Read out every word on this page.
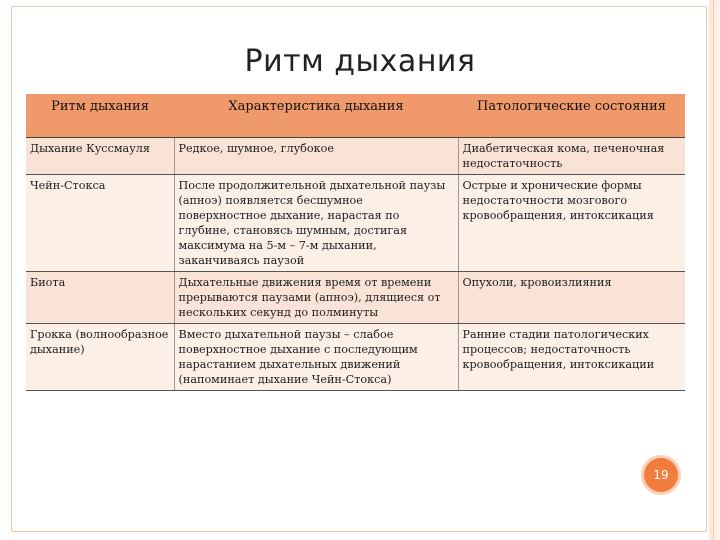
Ритм дыхания
Ритм дыхания	Характеристика дыхания	Патологические состояния
Дыхание Куссмауля	Редкое, шумное, глубокое	Диабетическая кома, печеночная недостаточность
Чейн-Стокса	После продолжительной дыхательной паузы (апноэ) появляется бесшумное поверхностное дыхание, нарастая по глубине, становясь шумным, достигая максимума на 5-м – 7-м дыхании, заканчиваясь паузой	Острые и хронические формы недостаточности мозгового кровообращения, интоксикация
Биота	Дыхательные движения время от времени прерываются паузами (апноэ), длящиеся от нескольких секунд до полминуты	Опухоли, кровоизлияния
Грокка (волнообразное дыхание)	Вместо дыхательной паузы – слабое поверхностное дыхание с последующим нарастанием дыхательных движений (напоминает дыхание Чейн-Стокса)	Ранние стадии патологических процессов; недостаточность кровообращения, интоксикации
19
